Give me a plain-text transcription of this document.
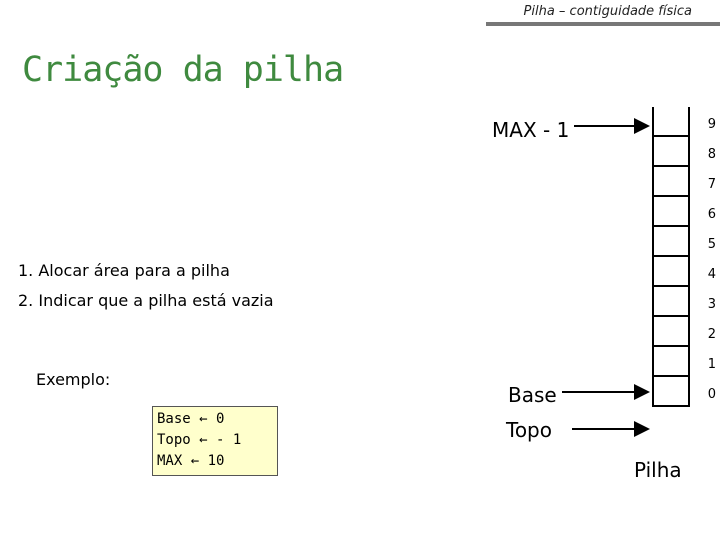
Pilha – contiguidade física
Criação da pilha
1. Alocar área para a pilha
2. Indicar que a pilha está vazia
Exemplo:
Base ← 0
Topo ← - 1
MAX ← 10
9
8
7
6
5
4
3
2
1
0
MAX - 1
Base
Topo
Pilha
